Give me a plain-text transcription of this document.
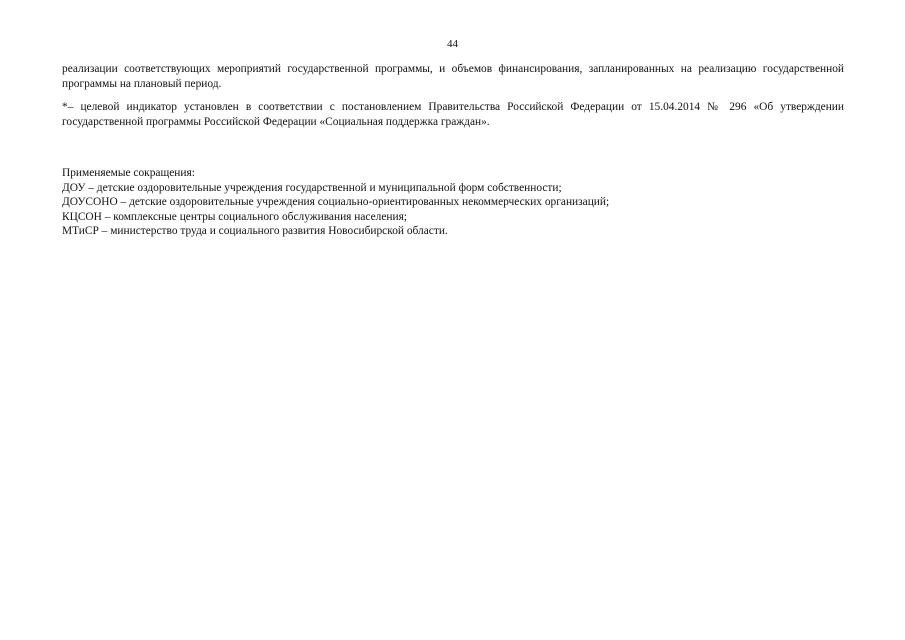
44

реализации соответствующих мероприятий государственной программы, и объемов финансирования, запланированных на реализацию государственной программы на плановый период.

*– целевой индикатор установлен в соответствии с постановлением Правительства Российской Федерации от 15.04.2014 № 296 «Об утверждении государственной программы Российской Федерации «Социальная поддержка граждан».

Применяемые сокращения:

ДОУ – детские оздоровительные учреждения государственной и муниципальной форм собственности;

ДОУСОНО – детские оздоровительные учреждения социально-ориентированных некоммерческих организаций;

КЦСОН – комплексные центры социального обслуживания населения;

МТиСР – министерство труда и социального развития Новосибирской области.
